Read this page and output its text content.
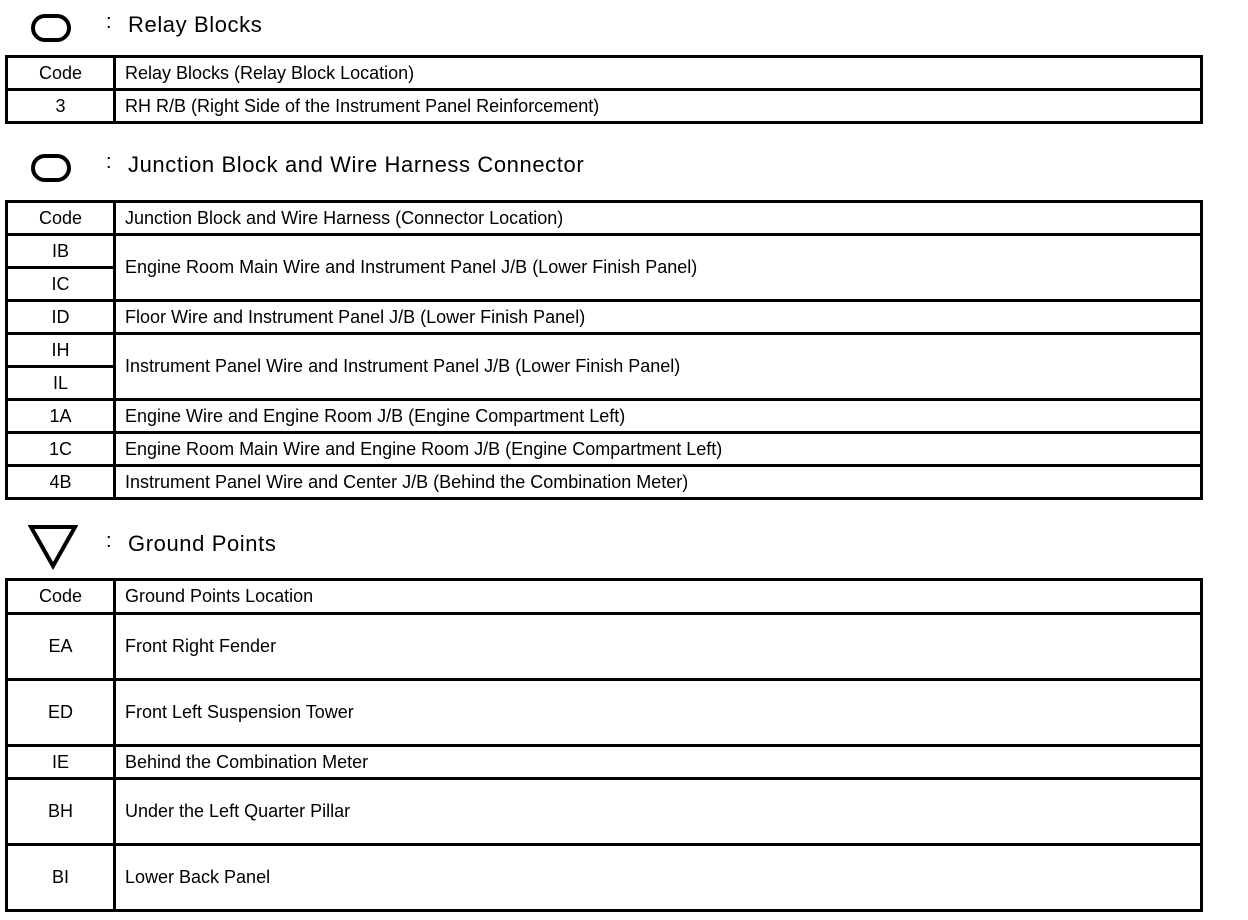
: Relay Blocks
Code	Relay Blocks (Relay Block Location)
3	RH R/B (Right Side of the Instrument Panel Reinforcement)
: Junction Block and Wire Harness Connector
Code	Junction Block and Wire Harness (Connector Location)
IB	Engine Room Main Wire and Instrument Panel J/B (Lower Finish Panel)
IC	
ID	Floor Wire and Instrument Panel J/B (Lower Finish Panel)
IH	Instrument Panel Wire and Instrument Panel J/B (Lower Finish Panel)
IL	
1A	Engine Wire and Engine Room J/B (Engine Compartment Left)
1C	Engine Room Main Wire and Engine Room J/B (Engine Compartment Left)
4B	Instrument Panel Wire and Center J/B (Behind the Combination Meter)
: Ground Points
Code	Ground Points Location
EA	Front Right Fender
ED	Front Left Suspension Tower
IE	Behind the Combination Meter
BH	Under the Left Quarter Pillar
BI	Lower Back Panel
